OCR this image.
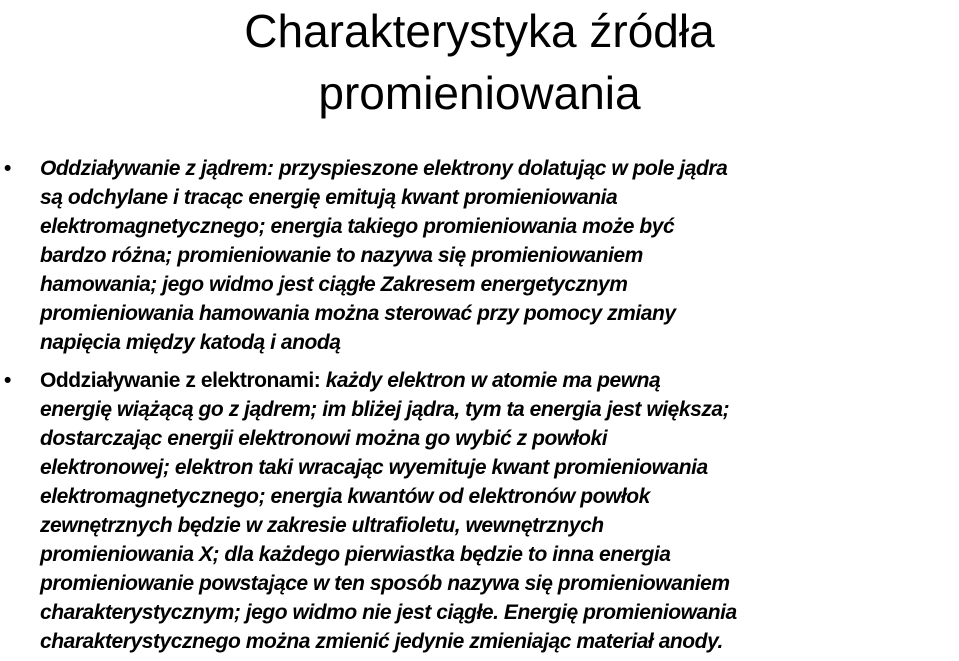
Charakterystyka źródła
promieniowania
• Oddziaływanie z jądrem: przyspieszone elektrony dolatując w pole jądra
są odchylane i tracąc energię emitują kwant promieniowania
elektromagnetycznego; energia takiego promieniowania może być
bardzo różna; promieniowanie to nazywa się promieniowaniem
hamowania; jego widmo jest ciągłe Zakresem energetycznym
promieniowania hamowania można sterować przy pomocy zmiany
napięcia między katodą i anodą
• Oddziaływanie z elektronami: każdy elektron w atomie ma pewną
energię wiążącą go z jądrem; im bliżej jądra, tym ta energia jest większa;
dostarczając energii elektronowi można go wybić z powłoki
elektronowej; elektron taki wracając wyemituje kwant promieniowania
elektromagnetycznego; energia kwantów od elektronów powłok
zewnętrznych będzie w zakresie ultrafioletu, wewnętrznych
promieniowania X; dla każdego pierwiastka będzie to inna energia
promieniowanie powstające w ten sposób nazywa się promieniowaniem
charakterystycznym; jego widmo nie jest ciągłe. Energię promieniowania
charakterystycznego można zmienić jedynie zmieniając materiał anody.
